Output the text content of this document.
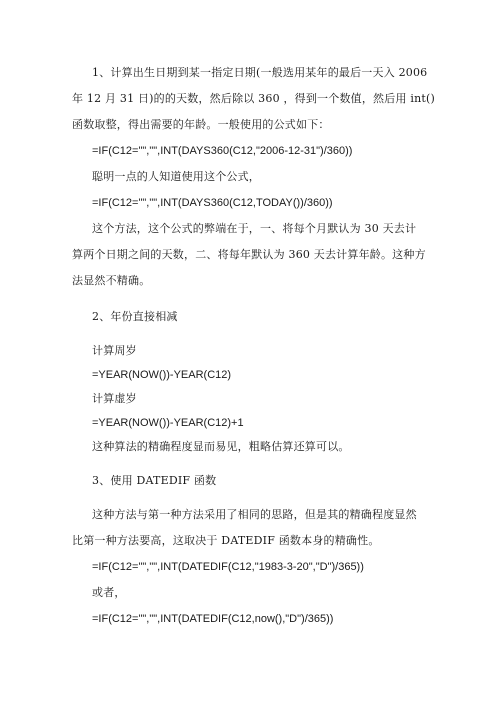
1、计算出生日期到某一指定日期(一般选用某年的最后一天入 2006
年 12 月 31 日)的的天数，然后除以 360 ，得到一个数值，然后用 int()
函数取整，得出需要的年龄。一般使用的公式如下：
=IF(C12="","",INT(DAYS360(C12,"2006-12-31")/360))
聪明一点的人知道使用这个公式，
=IF(C12="","",INT(DAYS360(C12,TODAY())/360))
这个方法，这个公式的弊端在于，一、将每个月默认为 30 天去计
算两个日期之间的天数，二、将每年默认为 360 天去计算年龄。这种方
法显然不精确。
2、年份直接相减
计算周岁
=YEAR(NOW())-YEAR(C12)
计算虚岁
=YEAR(NOW())-YEAR(C12)+1
这种算法的精确程度显而易见，粗略估算还算可以。
3、使用 DATEDIF 函数
这种方法与第一种方法采用了相同的思路，但是其的精确程度显然
比第一种方法要高，这取决于 DATEDIF 函数本身的精确性。
=IF(C12="","",INT(DATEDIF(C12,"1983-3-20","D")/365))
或者，
=IF(C12="","",INT(DATEDIF(C12,now(),"D")/365))
